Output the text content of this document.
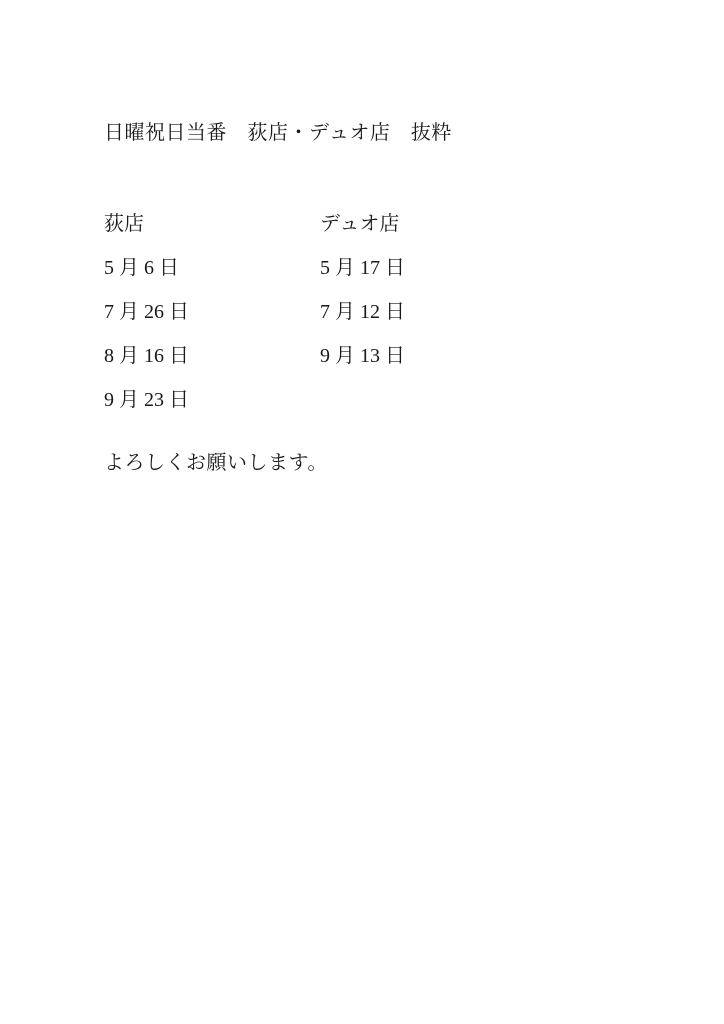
日曜祝日当番　荻店・デュオ店　抜粋
荻店	デュオ店
5 月 6 日	5 月 17 日
7 月 26 日	7 月 12 日
8 月 16 日	9 月 13 日
9 月 23 日
よろしくお願いします。
